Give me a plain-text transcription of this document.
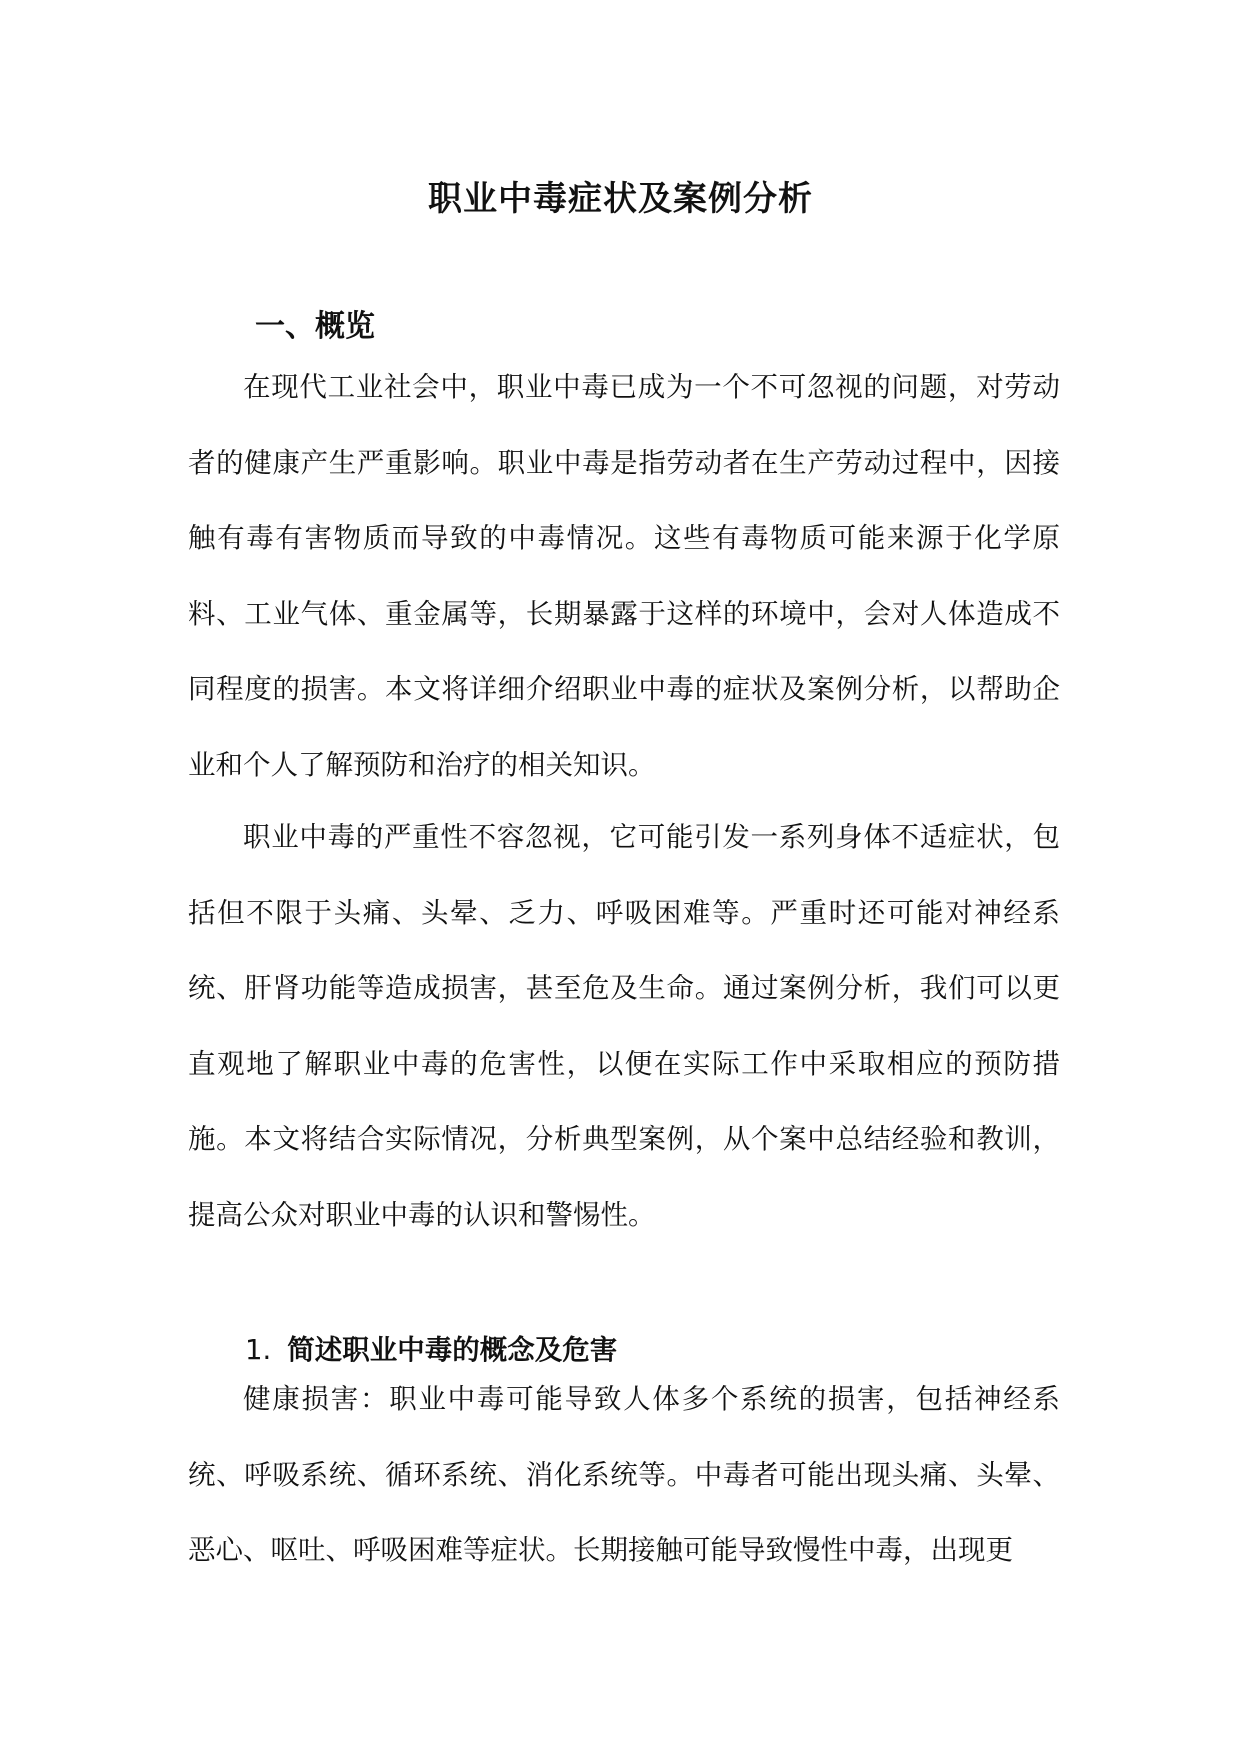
职业中毒症状及案例分析
一、概览

在现代工业社会中，职业中毒已成为一个不可忽视的问题，对劳动者的健康产生严重影响。职业中毒是指劳动者在生产劳动过程中，因接触有毒有害物质而导致的中毒情况。这些有毒物质可能来源于化学原料、工业气体、重金属等，长期暴露于这样的环境中，会对人体造成不同程度的损害。本文将详细介绍职业中毒的症状及案例分析，以帮助企业和个人了解预防和治疗的相关知识。

职业中毒的严重性不容忽视，它可能引发一系列身体不适症状，包括但不限于头痛、头晕、乏力、呼吸困难等。严重时还可能对神经系统、肝肾功能等造成损害，甚至危及生命。通过案例分析，我们可以更直观地了解职业中毒的危害性，以便在实际工作中采取相应的预防措施。本文将结合实际情况，分析典型案例，从个案中总结经验和教训，提高公众对职业中毒的认识和警惕性。

1. 简述职业中毒的概念及危害

健康损害：职业中毒可能导致人体多个系统的损害，包括神经系统、呼吸系统、循环系统、消化系统等。中毒者可能出现头痛、头晕、恶心、呕吐、呼吸困难等症状。长期接触可能导致慢性中毒，出现更
